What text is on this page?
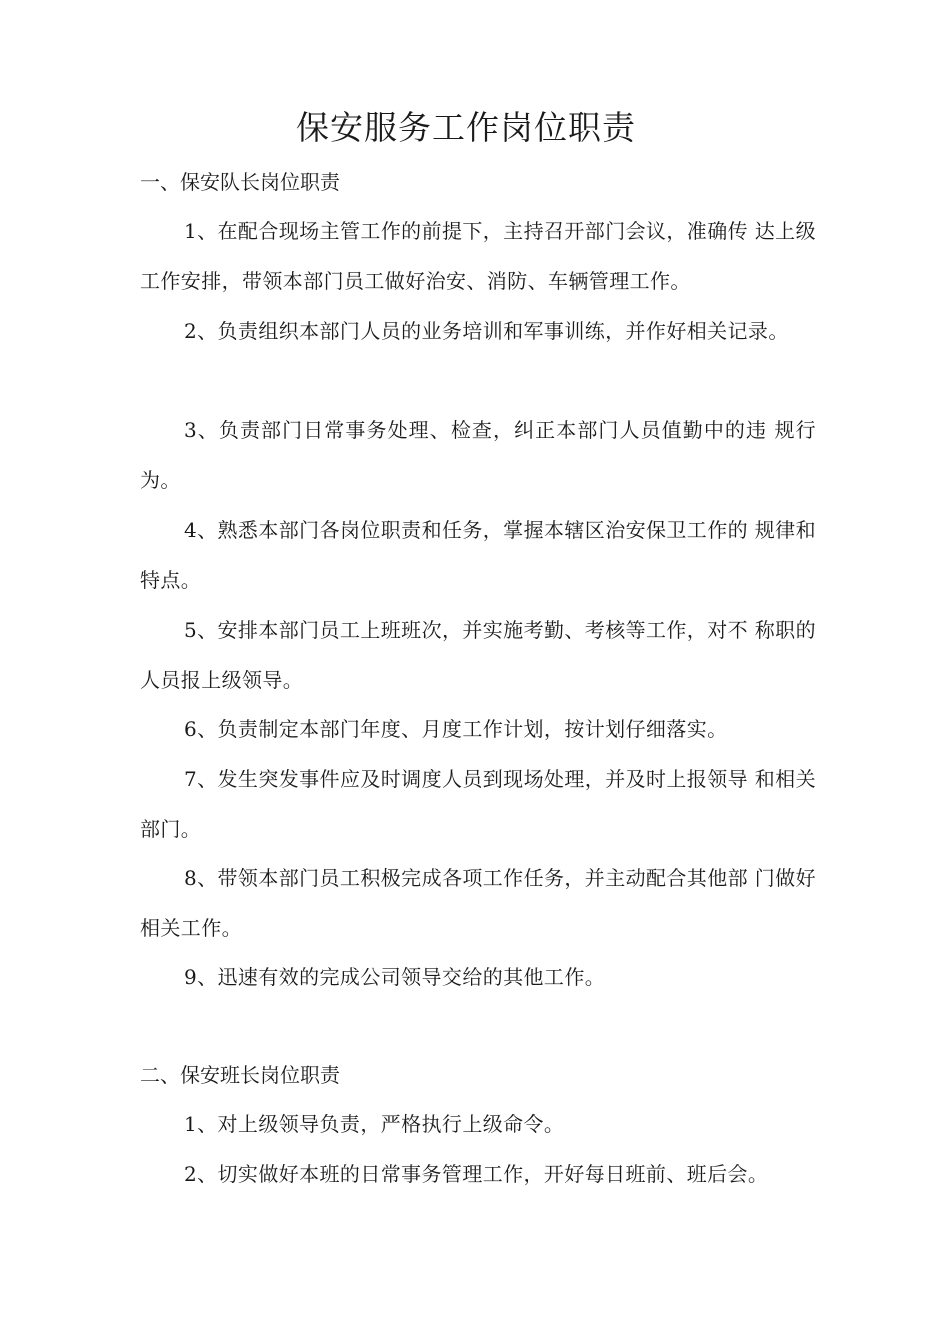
保安服务工作岗位职责

一、保安队长岗位职责

1、在配合现场主管工作的前提下，主持召开部门会议，准确传 达上级工作安排，带领本部门员工做好治安、消防、车辆管理工作。

2、负责组织本部门人员的业务培训和军事训练，并作好相关记录。

3、负责部门日常事务处理、检查，纠正本部门人员值勤中的违 规行为。

4、熟悉本部门各岗位职责和任务，掌握本辖区治安保卫工作的 规律和特点。

5、安排本部门员工上班班次，并实施考勤、考核等工作，对不 称职的人员报上级领导。

6、负责制定本部门年度、月度工作计划，按计划仔细落实。

7、发生突发事件应及时调度人员到现场处理，并及时上报领导 和相关部门。

8、带领本部门员工积极完成各项工作任务，并主动配合其他部 门做好相关工作。

9、迅速有效的完成公司领导交给的其他工作。

二、保安班长岗位职责

1、对上级领导负责，严格执行上级命令。

2、切实做好本班的日常事务管理工作，开好每日班前、班后会。
